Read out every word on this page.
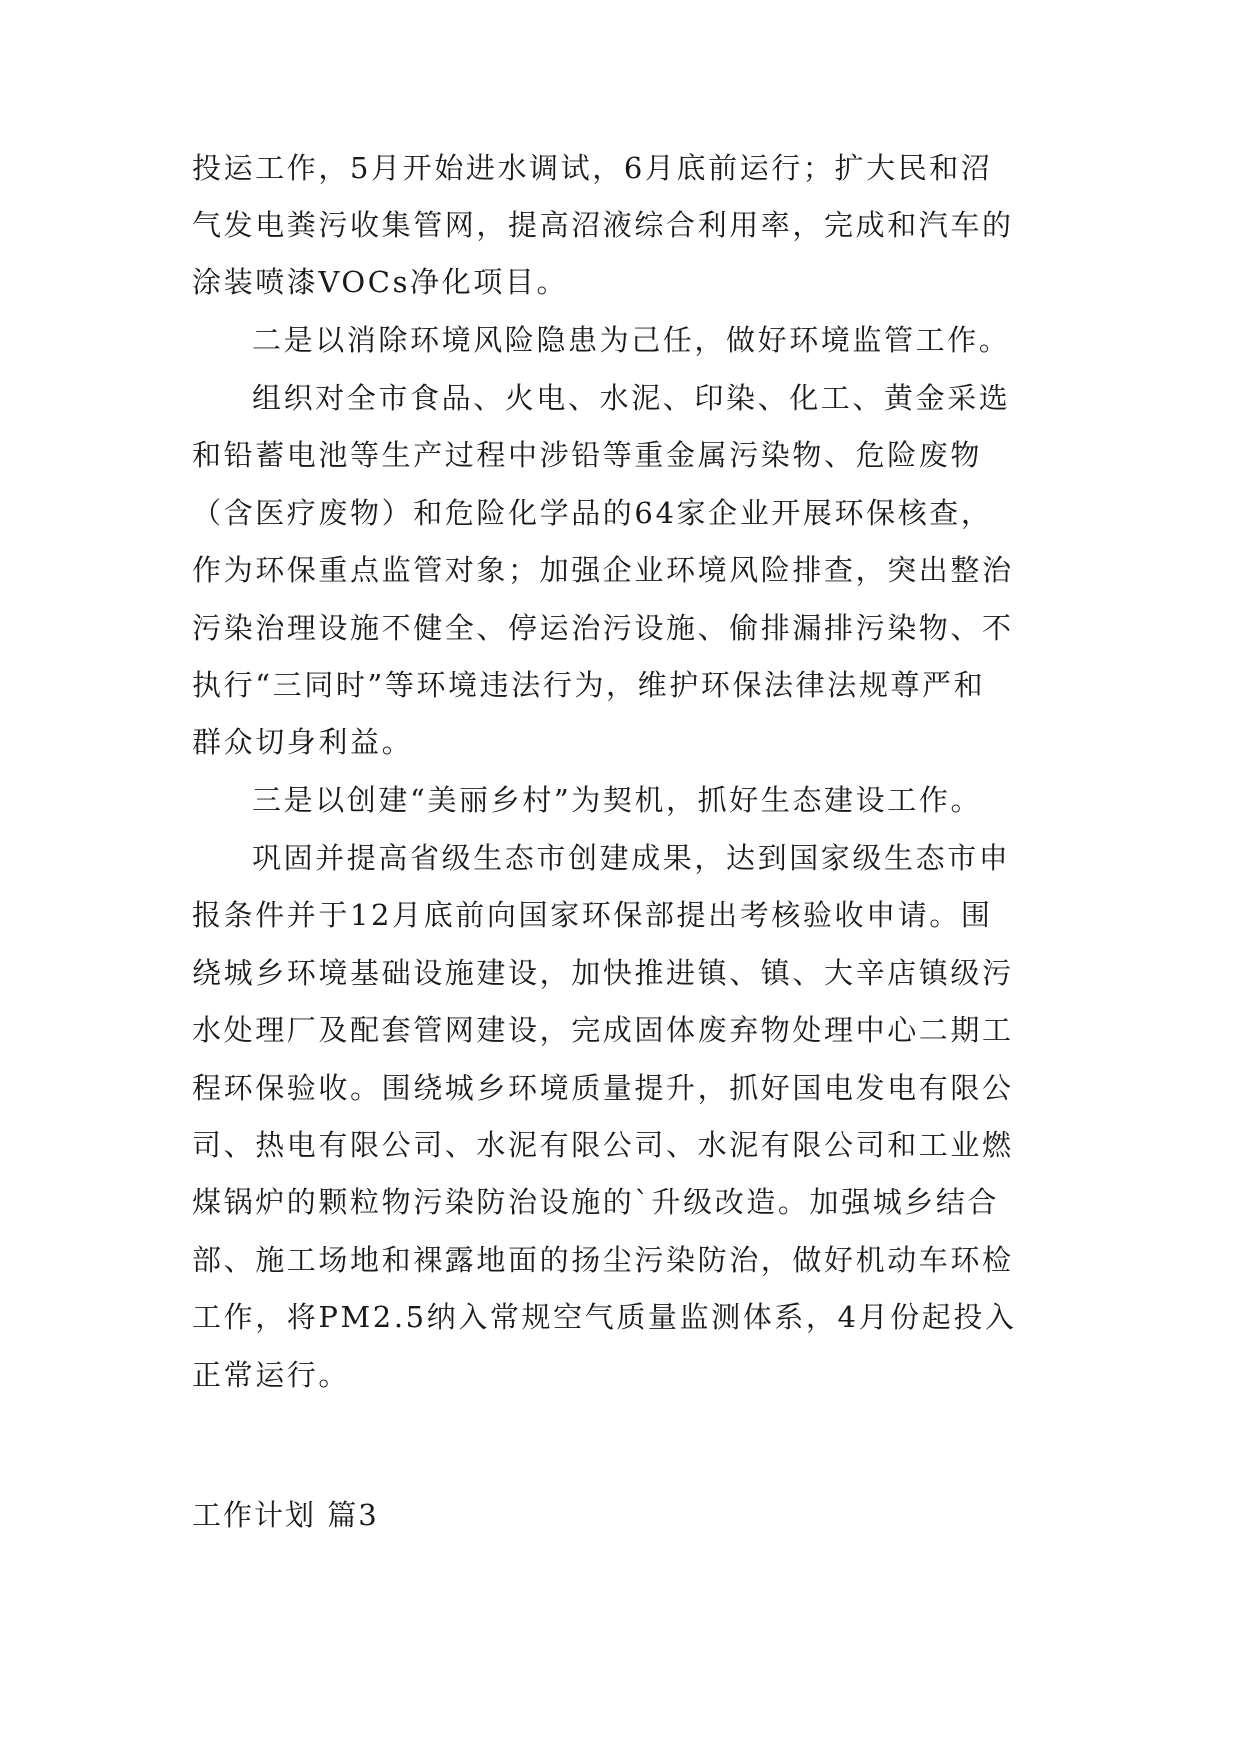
投运工作，5月开始进水调试，6月底前运行；扩大民和沼
气发电粪污收集管网，提高沼液综合利用率，完成和汽车的
涂装喷漆VOCs净化项目。
二是以消除环境风险隐患为己任，做好环境监管工作。
组织对全市食品、火电、水泥、印染、化工、黄金采选
和铅蓄电池等生产过程中涉铅等重金属污染物、危险废物
（含医疗废物）和危险化学品的64家企业开展环保核查，
作为环保重点监管对象；加强企业环境风险排查，突出整治
污染治理设施不健全、停运治污设施、偷排漏排污染物、不
执行“三同时”等环境违法行为，维护环保法律法规尊严和
群众切身利益。
三是以创建“美丽乡村”为契机，抓好生态建设工作。
巩固并提高省级生态市创建成果，达到国家级生态市申
报条件并于12月底前向国家环保部提出考核验收申请。围
绕城乡环境基础设施建设，加快推进镇、镇、大辛店镇级污
水处理厂及配套管网建设，完成固体废弃物处理中心二期工
程环保验收。围绕城乡环境质量提升，抓好国电发电有限公
司、热电有限公司、水泥有限公司、水泥有限公司和工业燃
煤锅炉的颗粒物污染防治设施的`升级改造。加强城乡结合
部、施工场地和裸露地面的扬尘污染防治，做好机动车环检
工作，将PM2.5纳入常规空气质量监测体系，4月份起投入
正常运行。
工作计划 篇3
